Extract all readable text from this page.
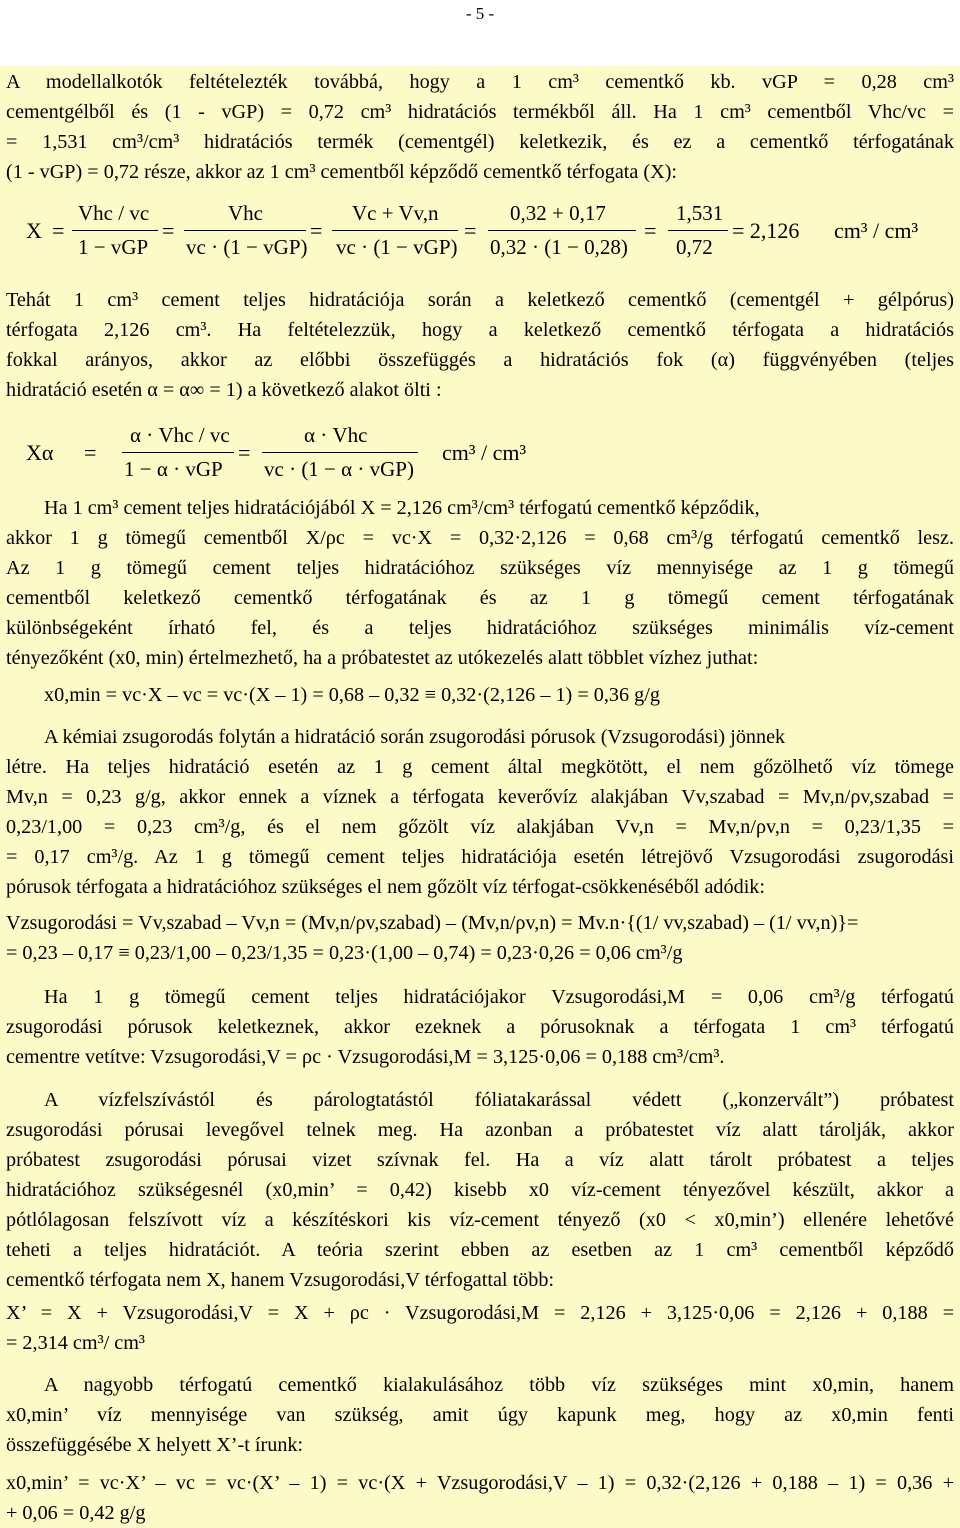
- 5 -
A modellalkotók feltételezték továbbá, hogy a 1 cm³ cementkő kb. vGP = 0,28 cm³
cementgélből és (1 - vGP) = 0,72 cm³ hidratációs termékből áll. Ha 1 cm³ cementből Vhc/vc =
= 1,531 cm³/cm³ hidratációs termék (cementgél) keletkezik, és ez a cementkő térfogatának
(1 - vGP) = 0,72 része, akkor az 1 cm³ cementből képződő cementkő térfogata (X):
X =
Vhc / vc
1 − vGP
=
Vhc
vc · (1 − vGP)
=
Vc + Vv,n
vc · (1 − vGP)
=
0,32 + 0,17
0,32 · (1 − 0,28)
=
1,531
0,72
= 2,126 cm³ / cm³
Tehát 1 cm³ cement teljes hidratációja során a keletkező cementkő (cementgél + gélpórus)
térfogata 2,126 cm³. Ha feltételezzük, hogy a keletkező cementkő térfogata a hidratációs
fokkal arányos, akkor az előbbi összefüggés a hidratációs fok (α) függvényében (teljes
hidratáció esetén α = α∞ = 1) a következő alakot ölti :
Xα =
α · Vhc / vc
1 − α · vGP
=
α · Vhc
vc · (1 − α · vGP)
cm³ / cm³
Ha 1 cm³ cement teljes hidratációjából X = 2,126 cm³/cm³ térfogatú cementkő képződik,
akkor 1 g tömegű cementből X/ρc = vc·X = 0,32·2,126 = 0,68 cm³/g térfogatú cementkő lesz.
Az 1 g tömegű cement teljes hidratációhoz szükséges víz mennyisége az 1 g tömegű
cementből keletkező cementkő térfogatának és az 1 g tömegű cement térfogatának
különbségeként írható fel, és a teljes hidratációhoz szükséges minimális víz-cement
tényezőként (x0, min) értelmezhető, ha a próbatestet az utókezelés alatt többlet vízhez juthat:
x0,min = vc·X – vc = vc·(X – 1) = 0,68 – 0,32 ≡ 0,32·(2,126 – 1) = 0,36 g/g
A kémiai zsugorodás folytán a hidratáció során zsugorodási pórusok (Vzsugorodási) jönnek
létre. Ha teljes hidratáció esetén az 1 g cement által megkötött, el nem gőzölhető víz tömege
Mv,n = 0,23 g/g, akkor ennek a víznek a térfogata keverővíz alakjában Vv,szabad = Mv,n/ρv,szabad =
0,23/1,00 = 0,23 cm³/g, és el nem gőzölt víz alakjában Vv,n = Mv,n/ρv,n = 0,23/1,35 =
= 0,17 cm³/g. Az 1 g tömegű cement teljes hidratációja esetén létrejövő Vzsugorodási zsugorodási
pórusok térfogata a hidratációhoz szükséges el nem gőzölt víz térfogat-csökkenéséből adódik:
Vzsugorodási = Vv,szabad – Vv,n = (Mv,n/ρv,szabad) – (Mv,n/ρv,n) = Mv.n·{(1/ vv,szabad) – (1/ vv,n)}=
= 0,23 – 0,17 ≡ 0,23/1,00 – 0,23/1,35 = 0,23·(1,00 – 0,74) = 0,23·0,26 = 0,06 cm³/g
Ha 1 g tömegű cement teljes hidratációjakor Vzsugorodási,M = 0,06 cm³/g térfogatú
zsugorodási pórusok keletkeznek, akkor ezeknek a pórusoknak a térfogata 1 cm³ térfogatú
cementre vetítve: Vzsugorodási,V = ρc · Vzsugorodási,M = 3,125·0,06 = 0,188 cm³/cm³.
A vízfelszívástól és párologtatástól fóliatakarással védett („konzervált”) próbatest
zsugorodási pórusai levegővel telnek meg. Ha azonban a próbatestet víz alatt tárolják, akkor
próbatest zsugorodási pórusai vizet szívnak fel. Ha a víz alatt tárolt próbatest a teljes
hidratációhoz szükségesnél (x0,min’ = 0,42) kisebb x0 víz-cement tényezővel készült, akkor a
pótlólagosan felszívott víz a készítéskori kis víz-cement tényező (x0 < x0,min’) ellenére lehetővé
teheti a teljes hidratációt. A teória szerint ebben az esetben az 1 cm³ cementből képződő
cementkő térfogata nem X, hanem Vzsugorodási,V térfogattal több:
X’ = X + Vzsugorodási,V = X + ρc · Vzsugorodási,M = 2,126 + 3,125·0,06 = 2,126 + 0,188 =
= 2,314 cm³/ cm³
A nagyobb térfogatú cementkő kialakulásához több víz szükséges mint x0,min, hanem
x0,min’ víz mennyisége van szükség, amit úgy kapunk meg, hogy az x0,min fenti
összefüggésébe X helyett X’-t írunk:
x0,min’ = vc·X’ – vc = vc·(X’ – 1) = vc·(X + Vzsugorodási,V – 1) = 0,32·(2,126 + 0,188 – 1) = 0,36 +
+ 0,06 = 0,42 g/g
